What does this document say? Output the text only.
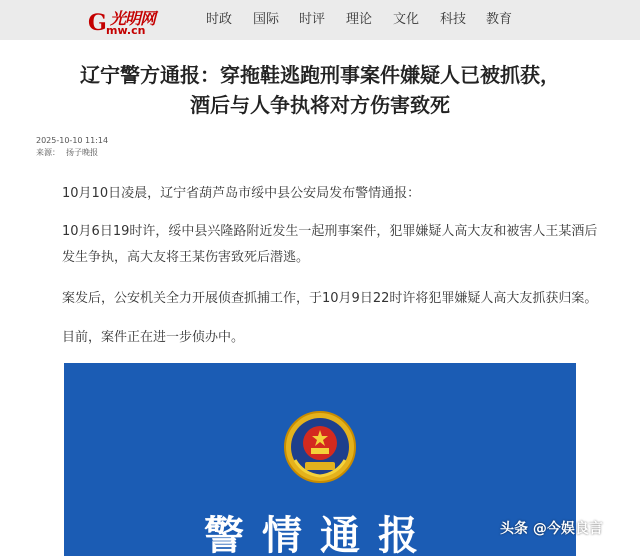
G 光明网
mw.cn
时政 国际 时评 理论 文化 科技 教育
辽宁警方通报：穿拖鞋逃跑刑事案件嫌疑人已被抓获，
酒后与人争执将对方伤害致死
2025-10-10 11:14
来源： 扬子晚报
10月10日凌晨，辽宁省葫芦岛市绥中县公安局发布警情通报：
10月6日19时许，绥中县兴隆路附近发生一起刑事案件，犯罪嫌疑人高大友和被害人王某酒后
发生争执，高大友将王某伤害致死后潜逃。
案发后，公安机关全力开展侦查抓捕工作，于10月9日22时许将犯罪嫌疑人高大友抓获归案。
目前，案件正在进一步侦办中。
警情通报	头条 @今娱良言
